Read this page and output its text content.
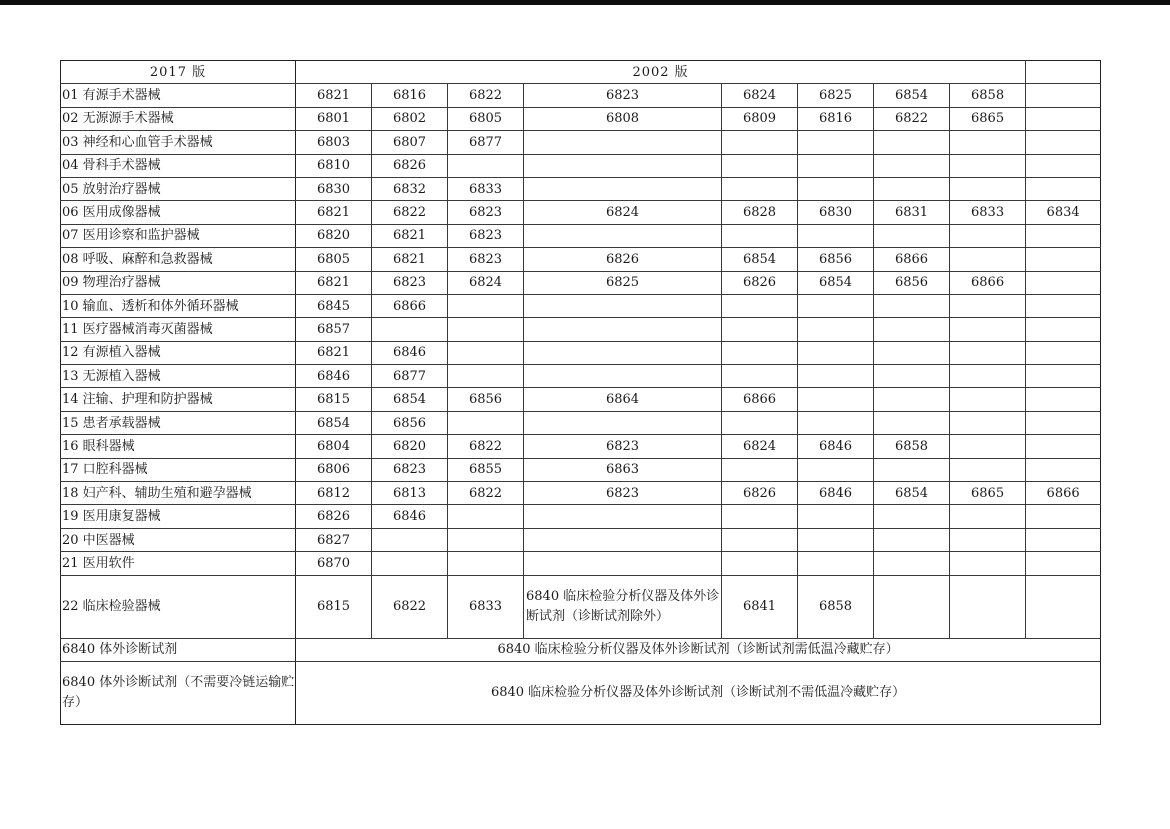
2017 版	2002 版								
01 有源手术器械	6821	6816	6822	6823	6824	6825	6854	6858	
02 无源源手术器械	6801	6802	6805	6808	6809	6816	6822	6865	
03 神经和心血管手术器械	6803	6807	6877						
04 骨科手术器械	6810	6826							
05 放射治疗器械	6830	6832	6833						
06 医用成像器械	6821	6822	6823	6824	6828	6830	6831	6833	6834
07 医用诊察和监护器械	6820	6821	6823						
08 呼吸、麻醉和急救器械	6805	6821	6823	6826	6854	6856	6866		
09 物理治疗器械	6821	6823	6824	6825	6826	6854	6856	6866	
10 输血、透析和体外循环器械	6845	6866							
11 医疗器械消毒灭菌器械	6857								
12 有源植入器械	6821	6846							
13 无源植入器械	6846	6877							
14 注输、护理和防护器械	6815	6854	6856	6864	6866				
15 患者承载器械	6854	6856							
16 眼科器械	6804	6820	6822	6823	6824	6846	6858		
17 口腔科器械	6806	6823	6855	6863					
18 妇产科、辅助生殖和避孕器械	6812	6813	6822	6823	6826	6846	6854	6865	6866
19 医用康复器械	6826	6846							
20 中医器械	6827								
21 医用软件	6870								
22 临床检验器械	6815	6822	6833	6840 临床检验分析仪器及体外诊断试剂（诊断试剂除外）	6841	6858			
6840 体外诊断试剂	6840 临床检验分析仪器及体外诊断试剂（诊断试剂需低温冷藏贮存）								
6840 体外诊断试剂（不需要冷链运输贮存）	6840 临床检验分析仪器及体外诊断试剂（诊断试剂不需低温冷藏贮存）								
